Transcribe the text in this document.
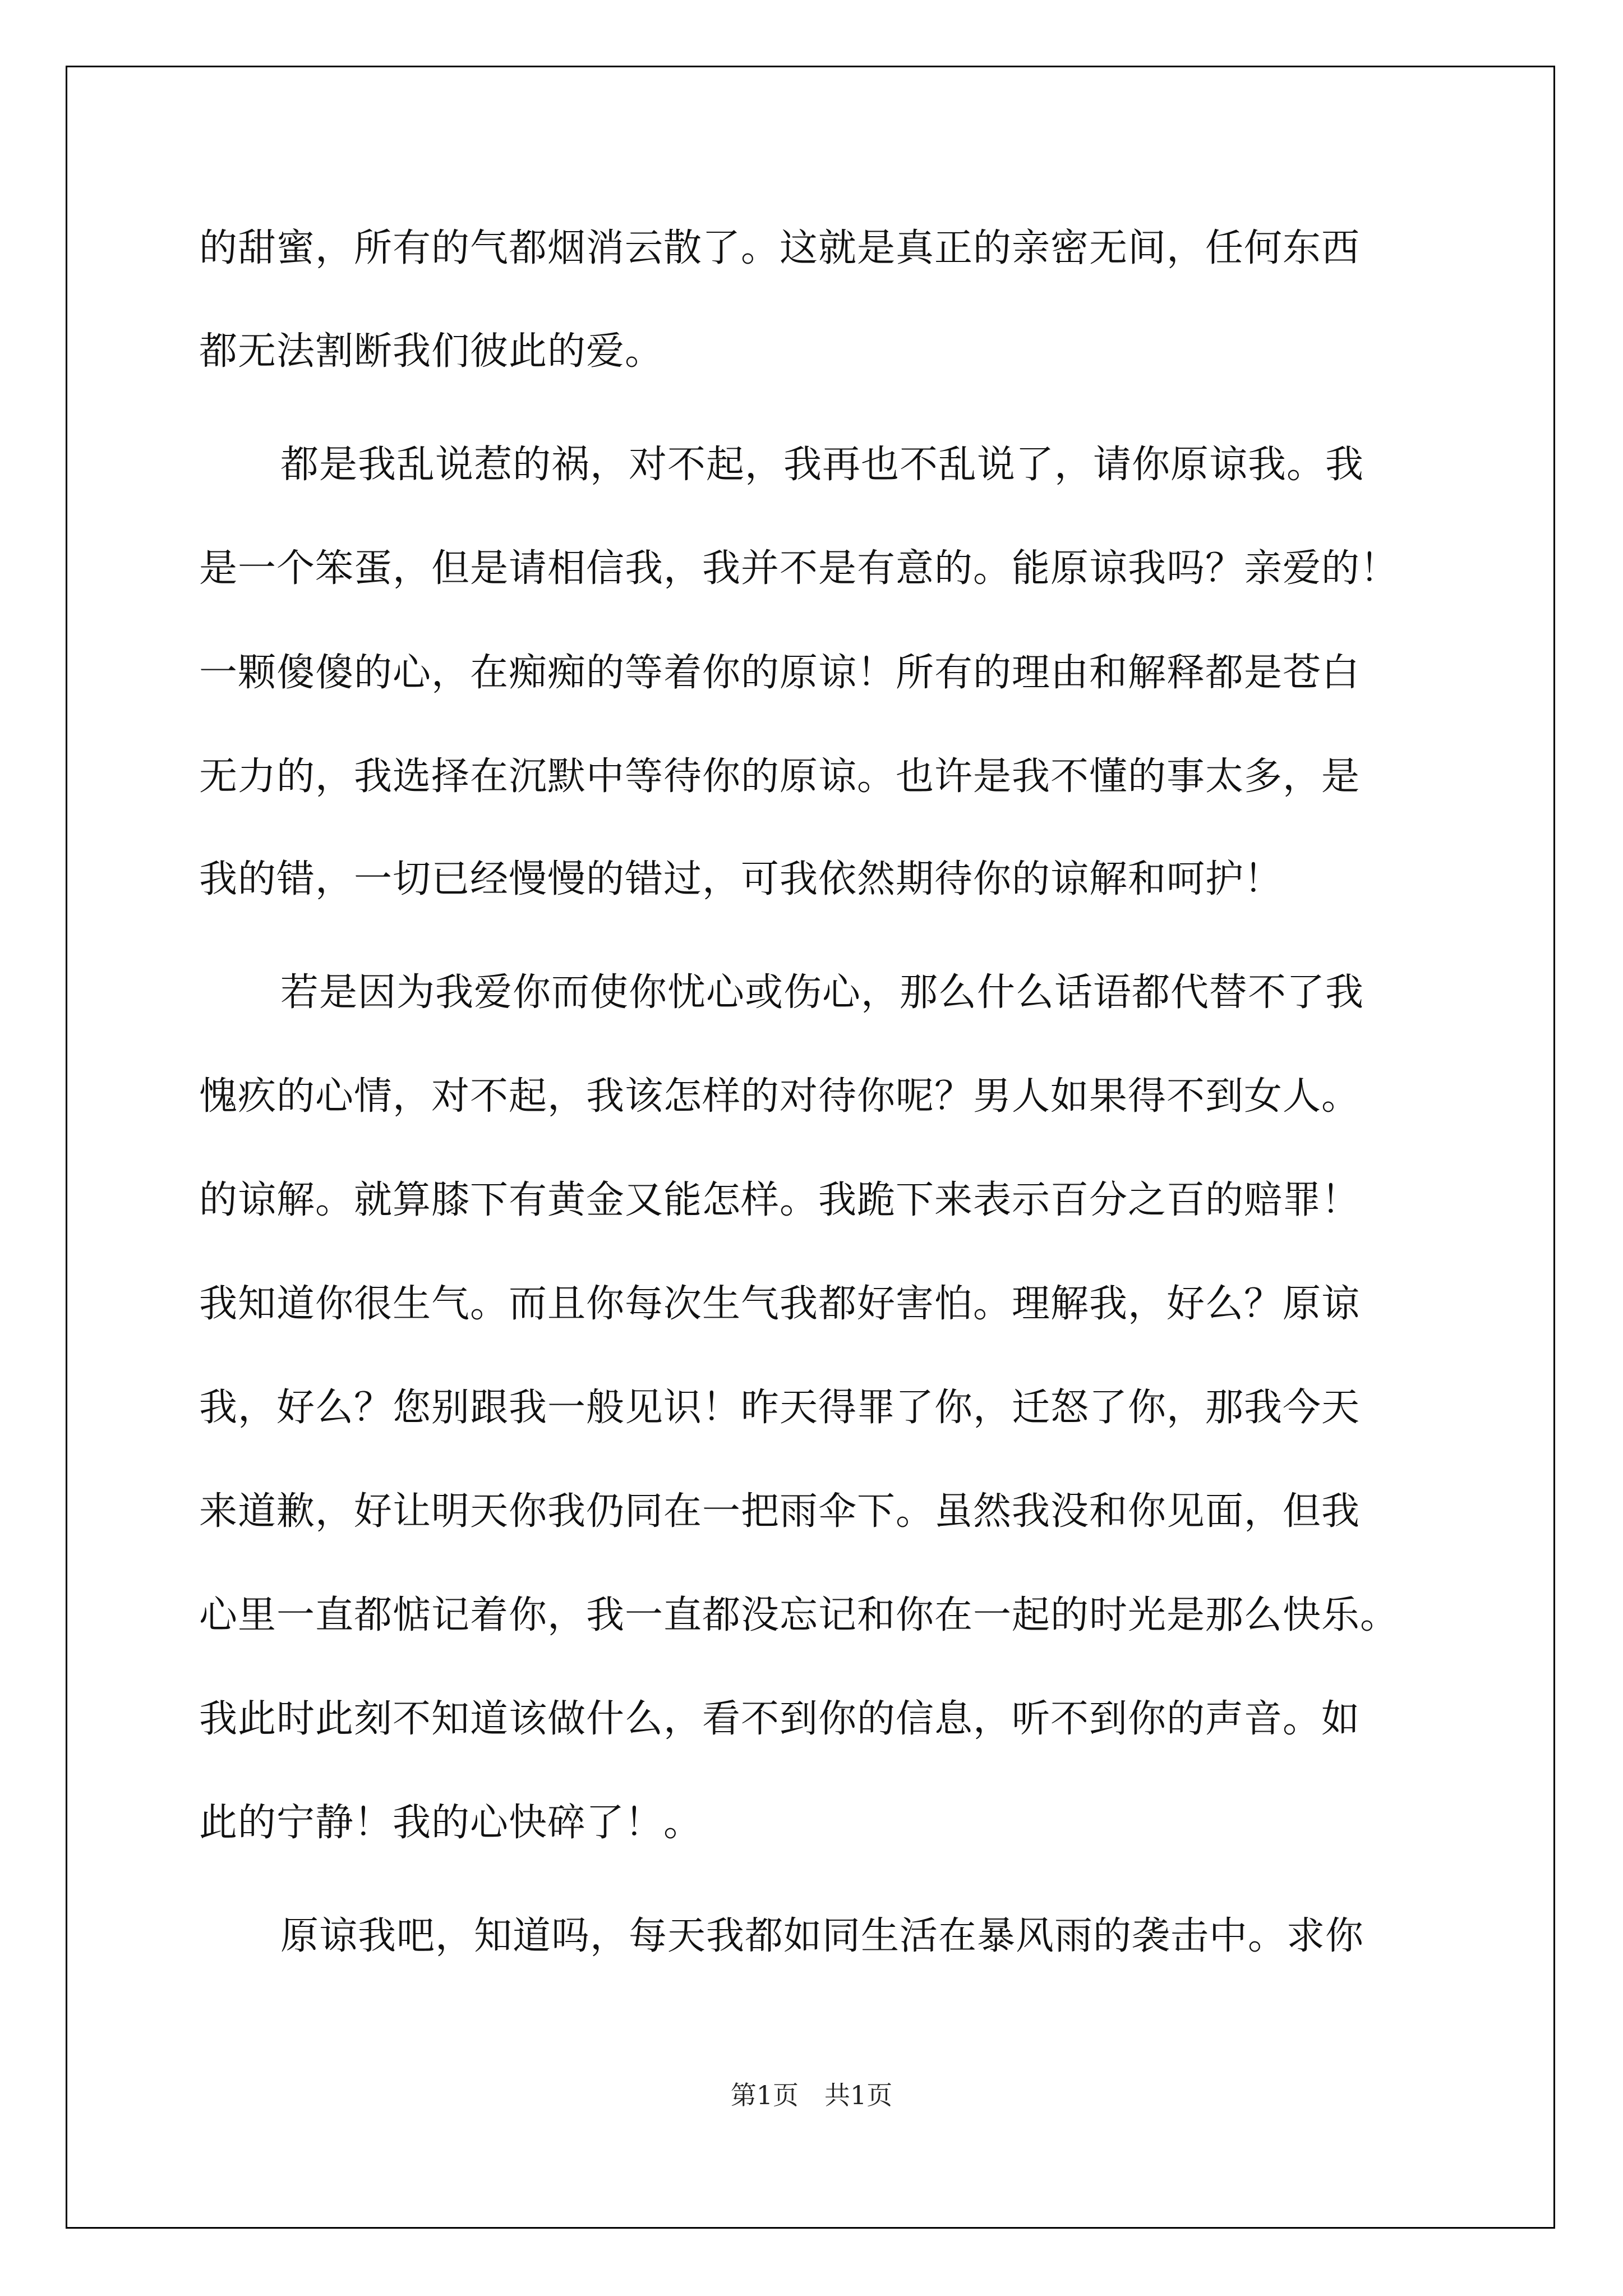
的甜蜜，所有的气都烟消云散了。这就是真正的亲密无间，任何东西
都无法割断我们彼此的爱。
都是我乱说惹的祸，对不起，我再也不乱说了，请你原谅我。我
是一个笨蛋，但是请相信我，我并不是有意的。能原谅我吗？亲爱的！
一颗傻傻的心，在痴痴的等着你的原谅！所有的理由和解释都是苍白
无力的，我选择在沉默中等待你的原谅。也许是我不懂的事太多，是
我的错，一切已经慢慢的错过，可我依然期待你的谅解和呵护！
若是因为我爱你而使你忧心或伤心，那么什么话语都代替不了我
愧疚的心情，对不起，我该怎样的对待你呢？男人如果得不到女人。
的谅解。就算膝下有黄金又能怎样。我跪下来表示百分之百的赔罪！
我知道你很生气。而且你每次生气我都好害怕。理解我，好么？原谅
我，好么？您别跟我一般见识！昨天得罪了你，迁怒了你，那我今天
来道歉，好让明天你我仍同在一把雨伞下。虽然我没和你见面，但我
心里一直都惦记着你，我一直都没忘记和你在一起的时光是那么快乐。
我此时此刻不知道该做什么，看不到你的信息，听不到你的声音。如
此的宁静！我的心快碎了！。
原谅我吧，知道吗，每天我都如同生活在暴风雨的袭击中。求你
第1页　共1页
